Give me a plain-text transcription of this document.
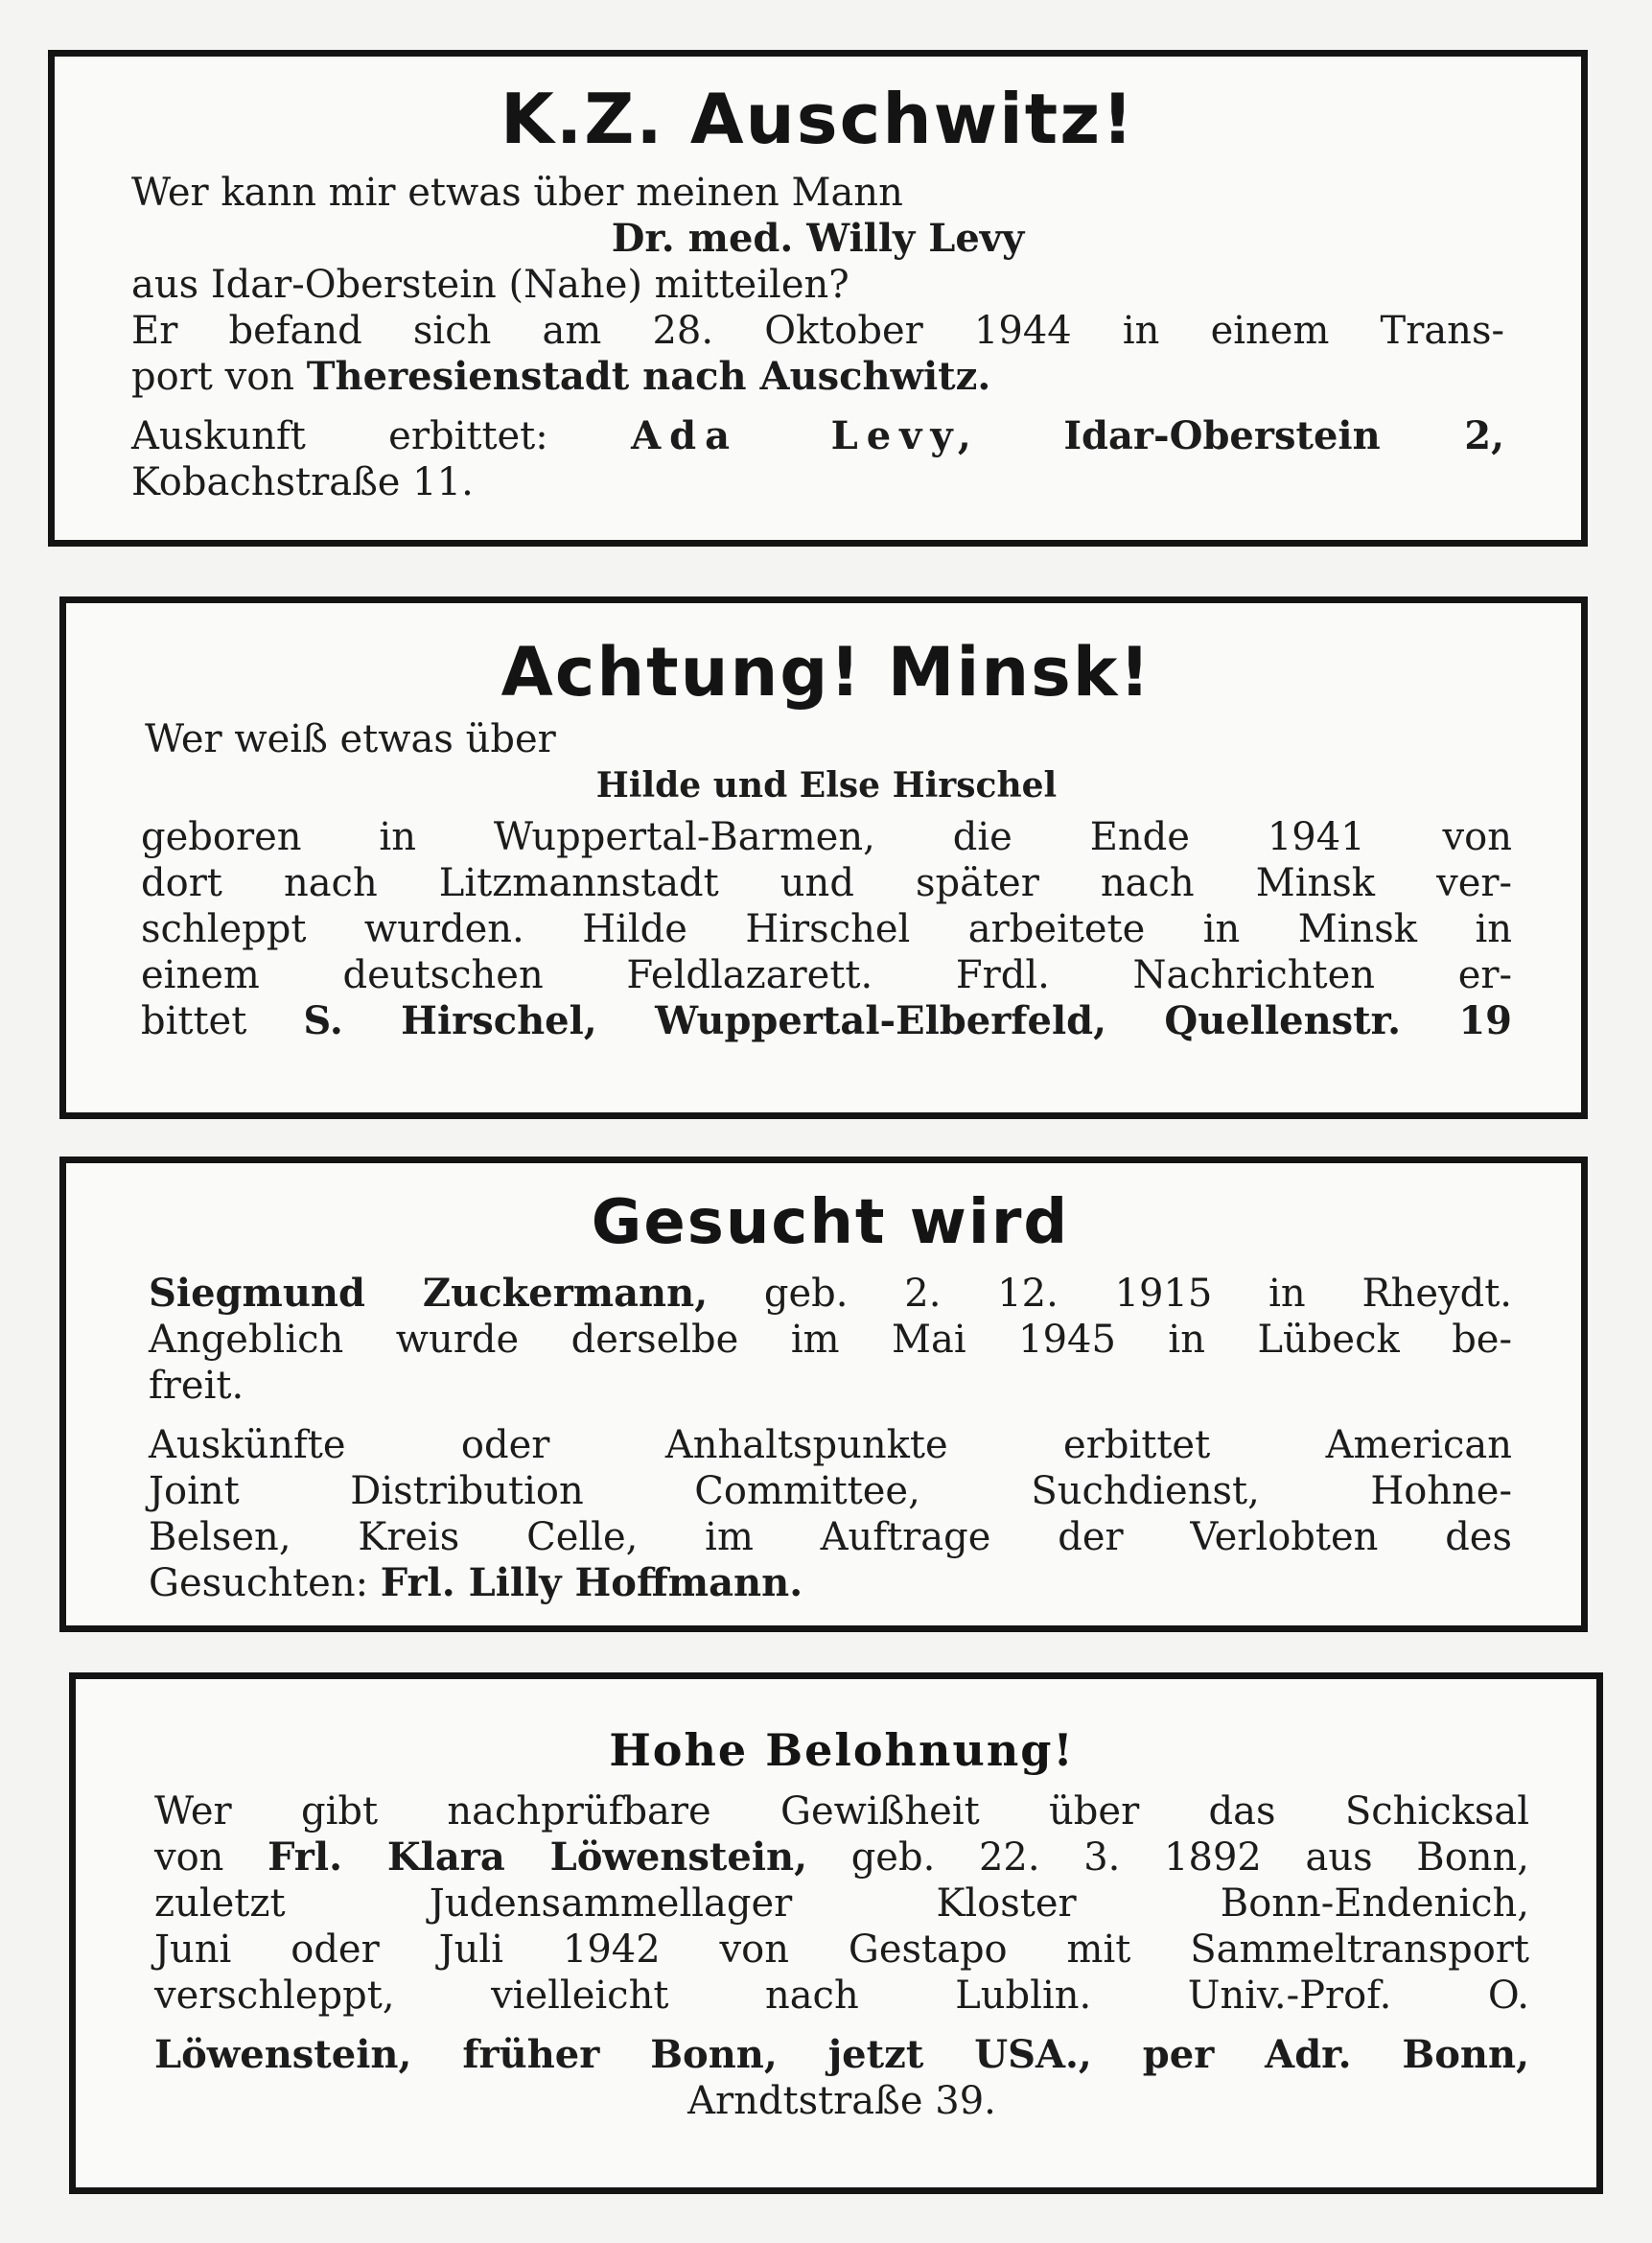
K.Z. Auschwitz!

Wer kann mir etwas über meinen Mann

Dr. med. Willy Levy

aus Idar-Oberstein (Nahe) mitteilen?

Er befand sich am 28. Oktober 1944 in einem Trans-

port von Theresienstadt nach Auschwitz.

Auskunft erbittet: Ada Levy, Idar-Oberstein 2,

Kobachstraße 11.

Achtung! Minsk!

Wer weiß etwas über

Hilde und Else Hirschel

geboren in Wuppertal-Barmen, die Ende 1941 von

dort nach Litzmannstadt und später nach Minsk ver-

schleppt wurden. Hilde Hirschel arbeitete in Minsk in

einem deutschen Feldlazarett. Frdl. Nachrichten er-

bittet S. Hirschel, Wuppertal-Elberfeld, Quellenstr. 19

Gesucht wird

Siegmund Zuckermann, geb. 2. 12. 1915 in Rheydt.

Angeblich wurde derselbe im Mai 1945 in Lübeck be-

freit.

Auskünfte oder Anhaltspunkte erbittet American

Joint Distribution Committee, Suchdienst, Hohne-

Belsen, Kreis Celle, im Auftrage der Verlobten des

Gesuchten: Frl. Lilly Hoffmann.

Hohe Belohnung!

Wer gibt nachprüfbare Gewißheit über das Schicksal

von Frl. Klara Löwenstein, geb. 22. 3. 1892 aus Bonn,

zuletzt Judensammellager Kloster Bonn-Endenich,

Juni oder Juli 1942 von Gestapo mit Sammeltransport

verschleppt, vielleicht nach Lublin. Univ.-Prof. O.

Löwenstein, früher Bonn, jetzt USA., per Adr. Bonn,

Arndtstraße 39.
